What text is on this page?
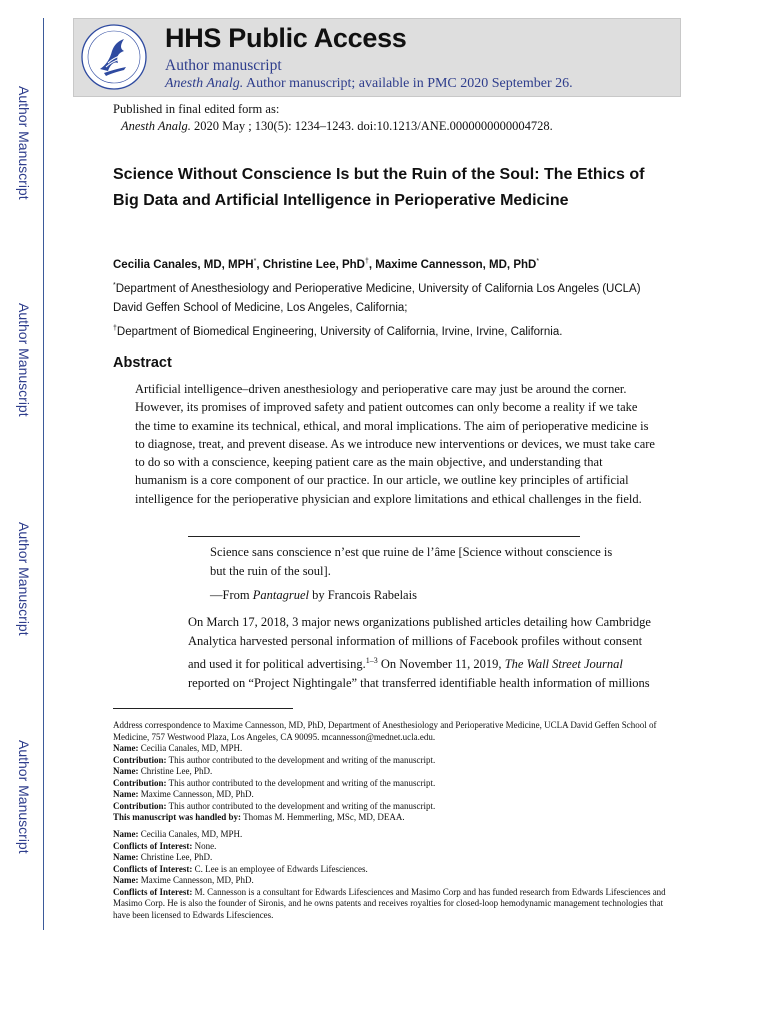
Author Manuscript
Author Manuscript
Author Manuscript
Author Manuscript
HHS Public Access
Author manuscript
Anesth Analg. Author manuscript; available in PMC 2020 September 26.
Published in final edited form as:
Anesth Analg. 2020 May ; 130(5): 1234–1243. doi:10.1213/ANE.0000000000004728.
Science Without Conscience Is but the Ruin of the Soul: The Ethics of Big Data and Artificial Intelligence in Perioperative Medicine
Cecilia Canales, MD, MPH*, Christine Lee, PhD†, Maxime Cannesson, MD, PhD*
*Department of Anesthesiology and Perioperative Medicine, University of California Los Angeles (UCLA) David Geffen School of Medicine, Los Angeles, California;
†Department of Biomedical Engineering, University of California, Irvine, Irvine, California.
Abstract

Artificial intelligence–driven anesthesiology and perioperative care may just be around the corner. However, its promises of improved safety and patient outcomes can only become a reality if we take the time to examine its technical, ethical, and moral implications. The aim of perioperative medicine is to diagnose, treat, and prevent disease. As we introduce new interventions or devices, we must take care to do so with a conscience, keeping patient care as the main objective, and understanding that humanism is a core component of our practice. In our article, we outline key principles of artificial intelligence for the perioperative physician and explore limitations and ethical challenges in the field.

Science sans conscience n’est que ruine de l’âme [Science without conscience is but the ruin of the soul].

—From Pantagruel by Francois Rabelais

On March 17, 2018, 3 major news organizations published articles detailing how Cambridge Analytica harvested personal information of millions of Facebook profiles without consent and used it for political advertising.$^{1-3}$ On November 11, 2019, The Wall Street Journal reported on “Project Nightingale” that transferred identifiable health information of millions

Address correspondence to Maxime Cannesson, MD, PhD, Department of Anesthesiology and Perioperative Medicine, UCLA David Geffen School of Medicine, 757 Westwood Plaza, Los Angeles, CA 90095. mcannesson@mednet.ucla.edu.
Name: Cecilia Canales, MD, MPH.
Contribution: This author contributed to the development and writing of the manuscript.
Name: Christine Lee, PhD.
Contribution: This author contributed to the development and writing of the manuscript.
Name: Maxime Cannesson, MD, PhD.
Contribution: This author contributed to the development and writing of the manuscript.
This manuscript was handled by: Thomas M. Hemmerling, MSc, MD, DEAA.
Name: Cecilia Canales, MD, MPH.
Conflicts of Interest: None.
Name: Christine Lee, PhD.
Conflicts of Interest: C. Lee is an employee of Edwards Lifesciences.
Name: Maxime Cannesson, MD, PhD.
Conflicts of Interest: M. Cannesson is a consultant for Edwards Lifesciences and Masimo Corp and has funded research from Edwards Lifesciences and Masimo Corp. He is also the founder of Sironis, and he owns patents and receives royalties for closed-loop hemodynamic management technologies that have been licensed to Edwards Lifesciences.
